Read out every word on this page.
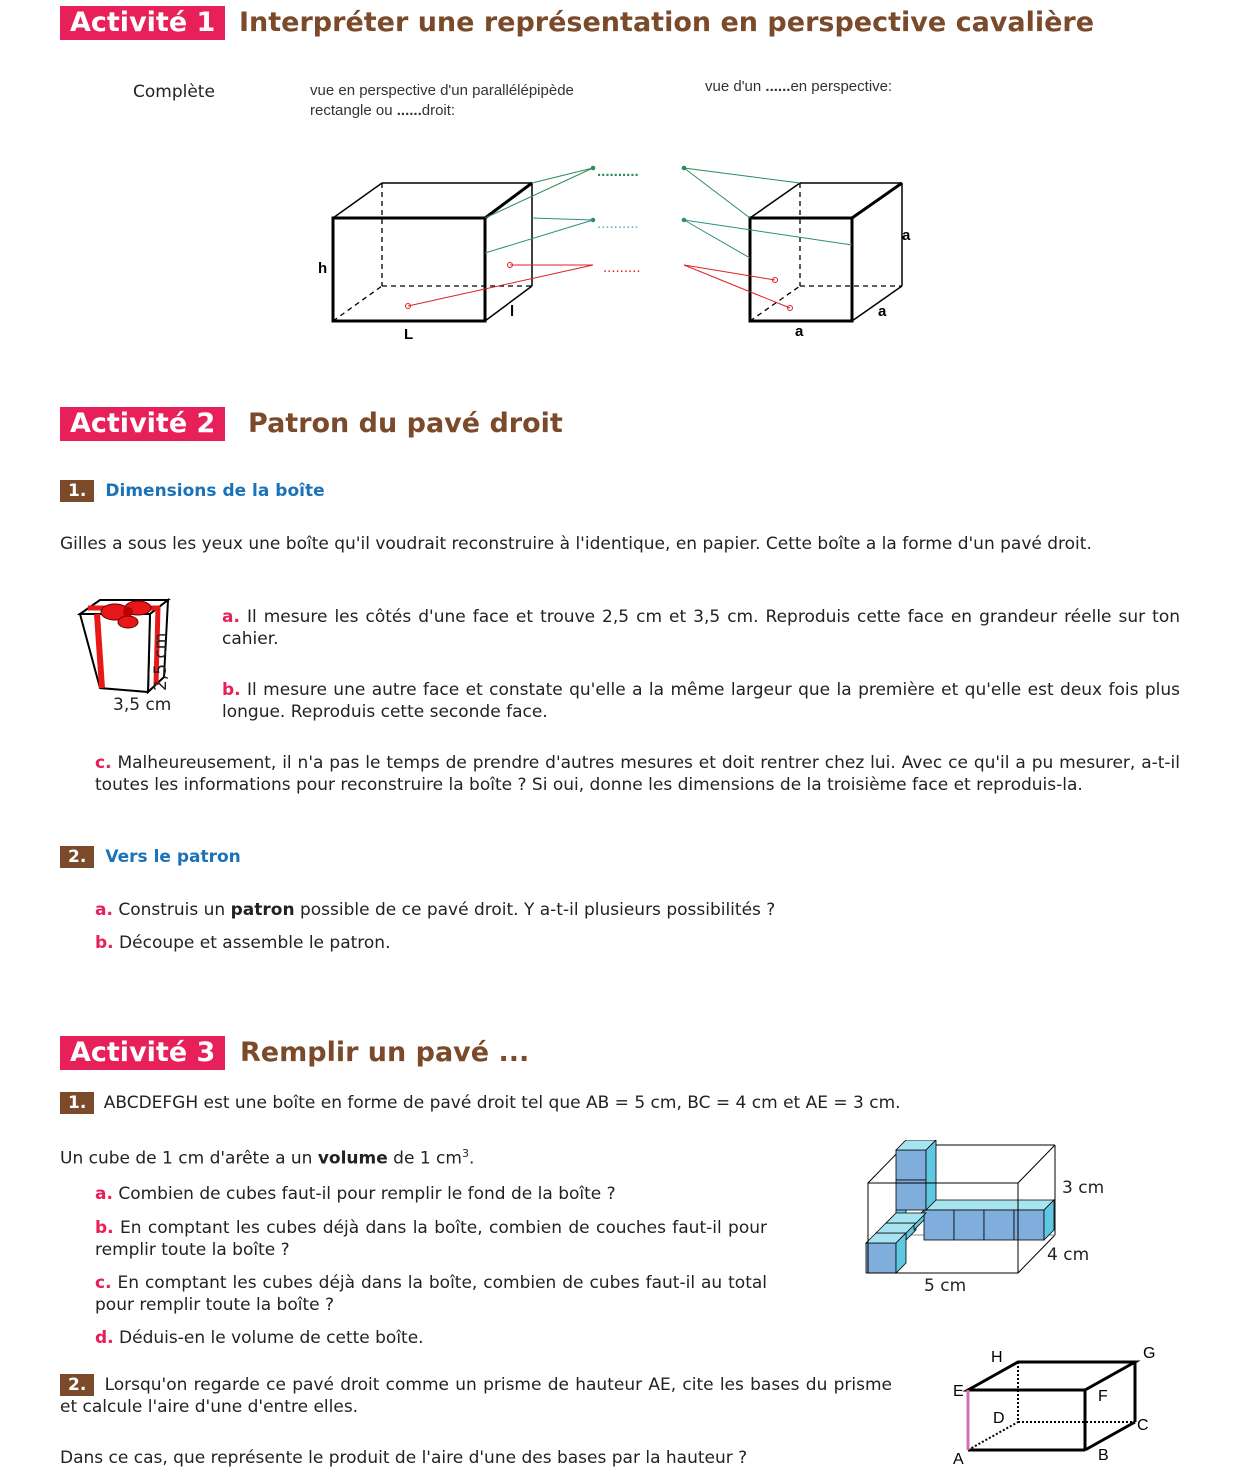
Activité 1 Interpréter une représentation en perspective cavalière
Complète	vue en perspective d'un parallélépipède
rectangle ou ......droit:
vue d'un ......en perspective:
h
L
l
a
a
a
..........
..........
.........
Activité 2	Patron du pavé droit
1. Dimensions de la boîte
Gilles a sous les yeux une boîte qu'il voudrait reconstruire à l'identique, en papier. Cette boîte a la forme d'un pavé droit.
2,5 cm
3,5 cm
a. Il mesure les côtés d'une face et trouve 2,5 cm et 3,5 cm. Reproduis cette face en grandeur réelle sur ton cahier.
b. Il mesure une autre face et constate qu'elle a la même largeur que la première et qu'elle est deux fois plus longue. Reproduis cette seconde face.
c. Malheureusement, il n'a pas le temps de prendre d'autres mesures et doit rentrer chez lui. Avec ce qu'il a pu mesurer, a-t-il toutes les informations pour reconstruire la boîte ? Si oui, donne les dimensions de la troisième face et reproduis-la.
2. Vers le patron
a. Construis un patron possible de ce pavé droit. Y a-t-il plusieurs possibilités ?
b. Découpe et assemble le patron.
Activité 3 Remplir un pavé ...
1. ABCDEFGH est une boîte en forme de pavé droit tel que AB = 5 cm, BC = 4 cm et AE = 3 cm.
Un cube de 1 cm d'arête a un volume de 1 $cm^3$.
a. Combien de cubes faut-il pour remplir le fond de la boîte ?
b. En comptant les cubes déjà dans la boîte, combien de couches faut-il pour remplir toute la boîte ?
c. En comptant les cubes déjà dans la boîte, combien de cubes faut-il au total pour remplir toute la boîte ?
d. Déduis-en le volume de cette boîte.
3 cm
4 cm
5 cm
2. Lorsqu'on regarde ce pavé droit comme un prisme de hauteur AE, cite les bases du prisme et calcule l'aire d'une d'entre elles.
Dans ce cas, que représente le produit de l'aire d'une des bases par la hauteur ?	A	B
C
D
E	F
G
H
